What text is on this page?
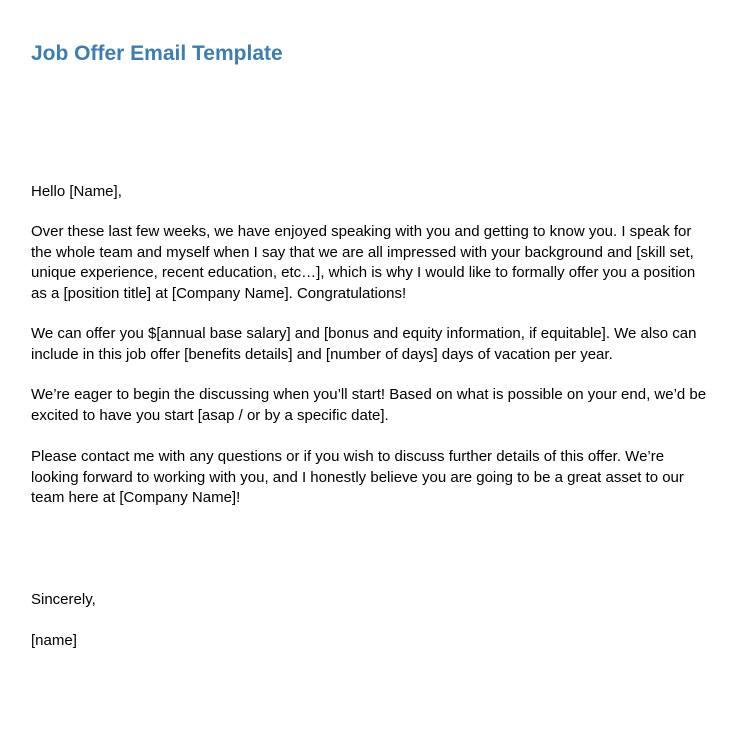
Job Offer Email Template

Hello [Name],

Over these last few weeks, we have enjoyed speaking with you and getting to know you. I speak for the whole team and myself when I say that we are all impressed with your background and [skill set, unique experience, recent education, etc…], which is why I would like to formally offer you a position as a [position title] at [Company Name]. Congratulations!

We can offer you $[annual base salary] and [bonus and equity information, if equitable]. We also can include in this job offer [benefits details] and [number of days] days of vacation per year.

We’re eager to begin the discussing when you’ll start! Based on what is possible on your end, we’d be excited to have you start [asap / or by a specific date].

Please contact me with any questions or if you wish to discuss further details of this offer. We’re looking forward to working with you, and I honestly believe you are going to be a great asset to our team here at [Company Name]!

Sincerely,

[name]
